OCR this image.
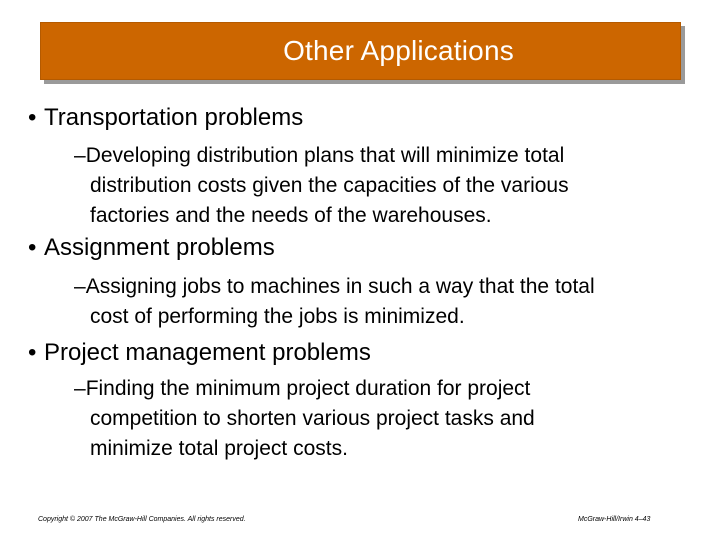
Other Applications
• Transportation problems
–Developing distribution plans that will minimize total
distribution costs given the capacities of the various
factories and the needs of the warehouses.
• Assignment problems
–Assigning jobs to machines in such a way that the total
cost of performing the jobs is minimized.
• Project management problems
–Finding the minimum project duration for project
competition to shorten various project tasks and
minimize total project costs.
Copyright © 2007 The McGraw-Hill Companies. All rights reserved.	McGraw-Hill/Irwin 4–43
